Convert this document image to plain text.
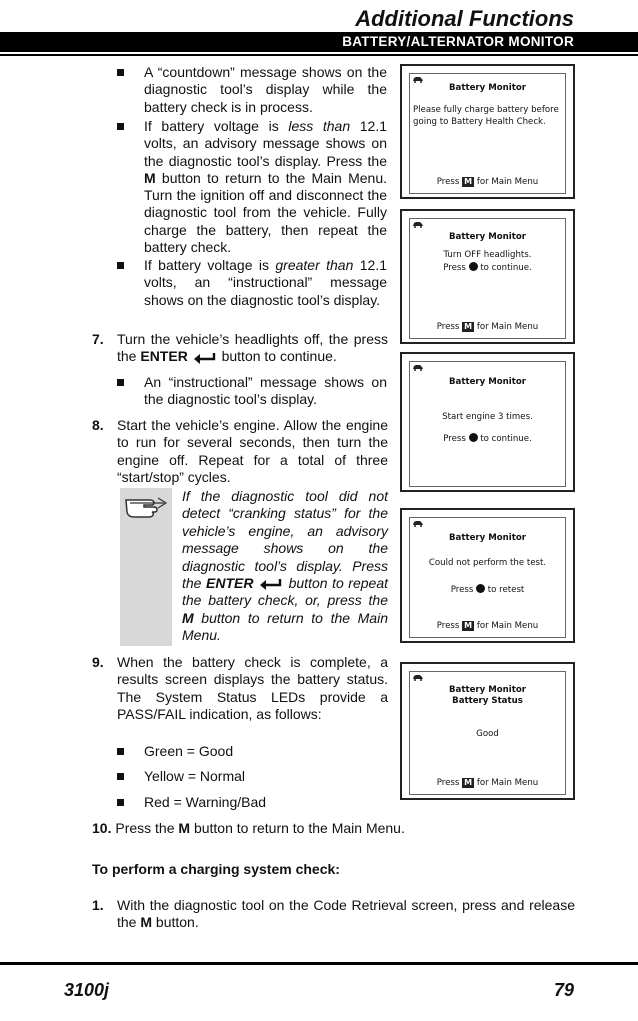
Additional Functions
BATTERY/ALTERNATOR MONITOR
A “countdown” message shows on the diagnostic tool’s display while the battery check is in process.
If battery voltage is less than 12.1 volts, an advisory message shows on the diagnostic tool’s display. Press the M button to return to the Main Menu. Turn the ignition off and disconnect the diagnostic tool from the vehicle. Fully charge the battery, then repeat the battery check.
If battery voltage is greater than 12.1 volts, an “instructional” message shows on the diagnostic tool’s display.
7. Turn the vehicle’s headlights off, the press the ENTER  button to continue.
An “instructional” message shows on the diagnostic tool’s display.
8. Start the vehicle’s engine. Allow the engine to run for several seconds, then turn the engine off. Repeat for a total of three “start/stop” cycles.
If the diagnostic tool did not detect “cranking status” for the vehicle’s engine, an advisory message shows on the diagnostic tool’s display. Press the ENTER  button to repeat the battery check, or, press the M button to return to the Main Menu.
9. When the battery check is complete, a results screen displays the battery status. The System Status LEDs provide a PASS/FAIL indication, as follows:
Green = Good
Yellow = Normal
Red = Warning/Bad
10. Press the M button to return to the Main Menu.
To perform a charging system check:
1. With the diagnostic tool on the Code Retrieval screen, press and release the M button.
Battery Monitor
Please fully charge battery before
going to Battery Health Check.
Press M for Main Menu
Battery Monitor
Turn OFF headlights.
Press to continue.
Press M for Main Menu
Battery Monitor
Start engine 3 times.
Press to continue.
Battery Monitor
Could not perform the test.
Press to retest
Press M for Main Menu
Battery Monitor
Battery Status
Good
Press M for Main Menu
3100j	79
